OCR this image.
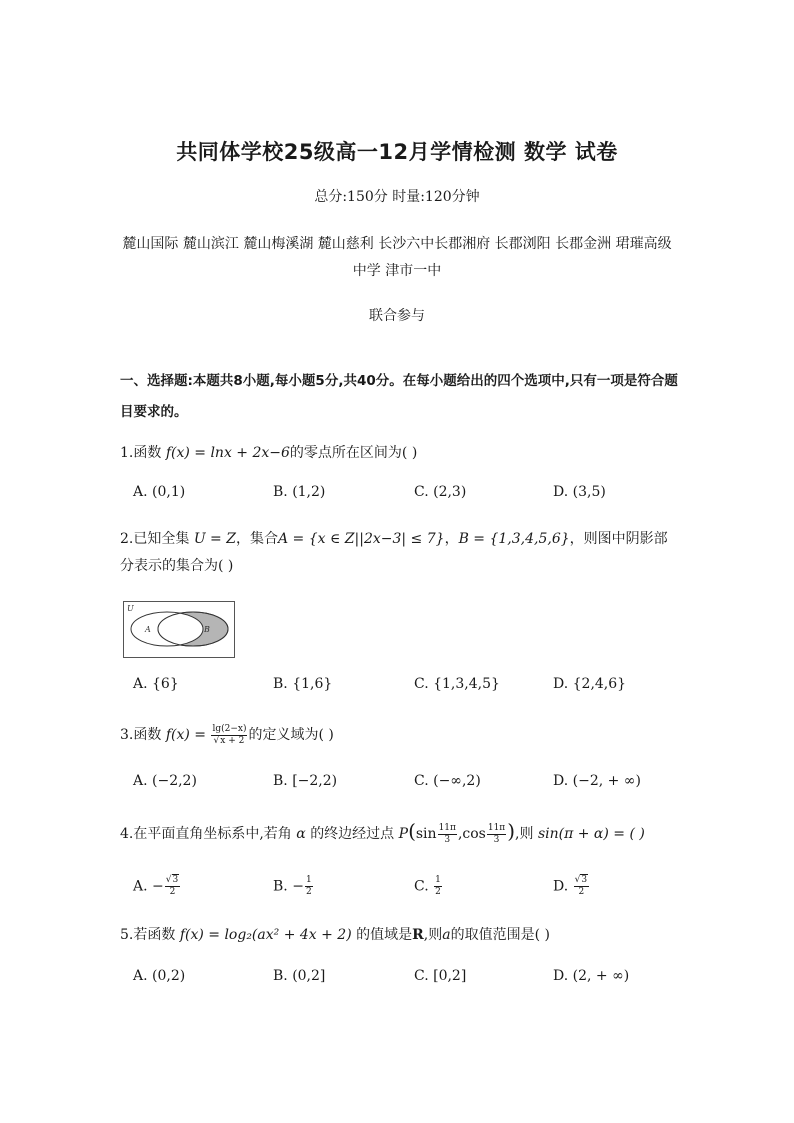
共同体学校25级高一12月学情检测 数学 试卷
总分:150分 时量:120分钟
麓山国际 麓山滨江 麓山梅溪湖 麓山慈利 长沙六中长郡湘府 长郡浏阳 长郡金洲 珺璀高级中学 津市一中
联合参与
一、选择题:本题共8小题,每小题5分,共40分。在每小题给出的四个选项中,只有一项是符合题目要求的。
1.函数 f(x) = lnx + 2x−6的零点所在区间为( )
A. (0,1)	B. (1,2)	C. (2,3)	D. (3,5)
2.已知全集 U = Z，集合A = {x ∈ Z||2x−3| ≤ 7}，B = {1,3,4,5,6}，则图中阴影部分表示的集合为( )
U
A	B
A. {6}	B. {1,6}	C. {1,3,4,5}	D. {2,4,6}
3.函数 $f(x) = \frac{\lg(2-x)}{√x + 2}$ 的定义域为( )
A. (−2,2)	B. [−2,2)	C. (−∞,2)	D. (−2, + ∞)
4.在平面直角坐标系中,若角 α 的终边经过点 $P(\sin \frac{11\pi}{3} ,\cos \frac{11\pi}{3}$ ),则 sin(π + α) = ( )
A. − $\frac{√3}{2}$	B. − $\frac{1}{2}$	C. $\frac{1}{2}$	D. $\frac{√3}{2}$
5.若函数 f(x) = log₂(ax² + 4x + 2) 的值域是R,则a的取值范围是( )
A. (0,2)	B. (0,2]	C. [0,2]	D. (2, + ∞)
